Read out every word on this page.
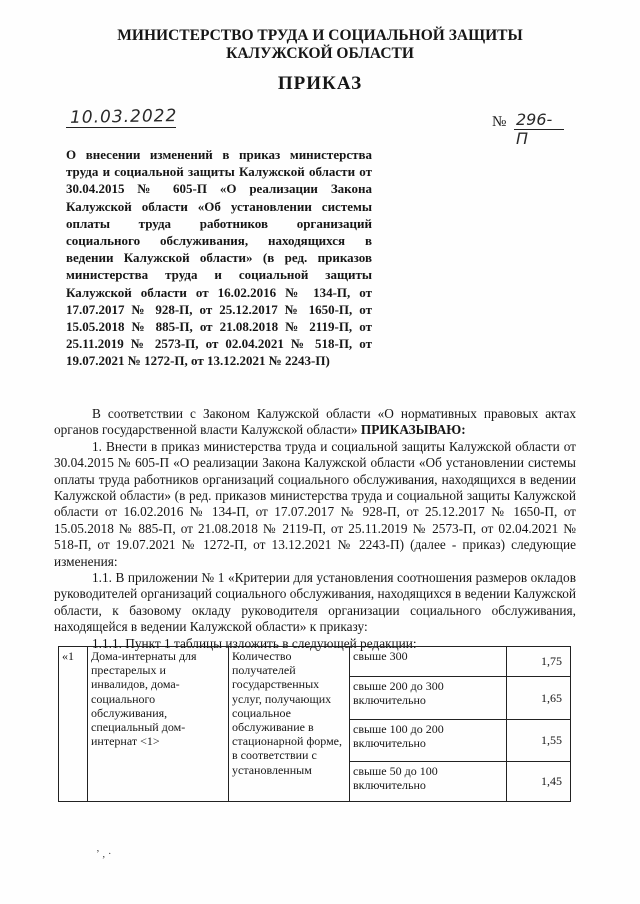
МИНИСТЕРСТВО ТРУДА И СОЦИАЛЬНОЙ ЗАЩИТЫ
КАЛУЖСКОЙ ОБЛАСТИ
ПРИКАЗ
10.03.2022	№ 296-П
О внесении изменений в приказ министерства труда и социальной защиты Калужской области от 30.04.2015 № 605-П «О реализации Закона Калужской области «Об установлении системы оплаты труда работников организаций социального обслуживания, находящихся в ведении Калужской области» (в ред. приказов министерства труда и социальной защиты Калужской области от 16.02.2016 № 134-П, от 17.07.2017 № 928-П, от 25.12.2017 № 1650-П, от 15.05.2018 № 885-П, от 21.08.2018 № 2119-П, от 25.11.2019 № 2573-П, от 02.04.2021 № 518-П, от 19.07.2021 № 1272-П, от 13.12.2021 № 2243-П)

В соответствии с Законом Калужской области «О нормативных правовых актах органов государственной власти Калужской области» ПРИКАЗЫВАЮ:

1. Внести в приказ министерства труда и социальной защиты Калужской области от 30.04.2015 № 605-П «О реализации Закона Калужской области «Об установлении системы оплаты труда работников организаций социального обслуживания, находящихся в ведении Калужской области» (в ред. приказов министерства труда и социальной защиты Калужской области от 16.02.2016 № 134-П, от 17.07.2017 № 928-П, от 25.12.2017 № 1650-П, от 15.05.2018 № 885-П, от 21.08.2018 № 2119-П, от 25.11.2019 № 2573-П, от 02.04.2021 № 518-П, от 19.07.2021 № 1272-П, от 13.12.2021 № 2243-П) (далее - приказ) следующие изменения:

1.1. В приложении № 1 «Критерии для установления соотношения размеров окладов руководителей организаций социального обслуживания, находящихся в ведении Калужской области, к базовому окладу руководителя организации социального обслуживания, находящейся в ведении Калужской области» к приказу:

1.1.1. Пункт 1 таблицы изложить в следующей редакции:

«1	Дома-интернаты для престарелых и инвалидов, дома-социального обслуживания, специальный дом-интернат <1>	Количество получателей государственных услуг, получающих социальное обслуживание в стационарной форме, в соответствии с установленным	свыше 300	1,75
			свыше 200 до 300 включительно	1,65
			свыше 100 до 200 включительно	1,55
			свыше 50 до 100 включительно	1,45
ʼ , ·
